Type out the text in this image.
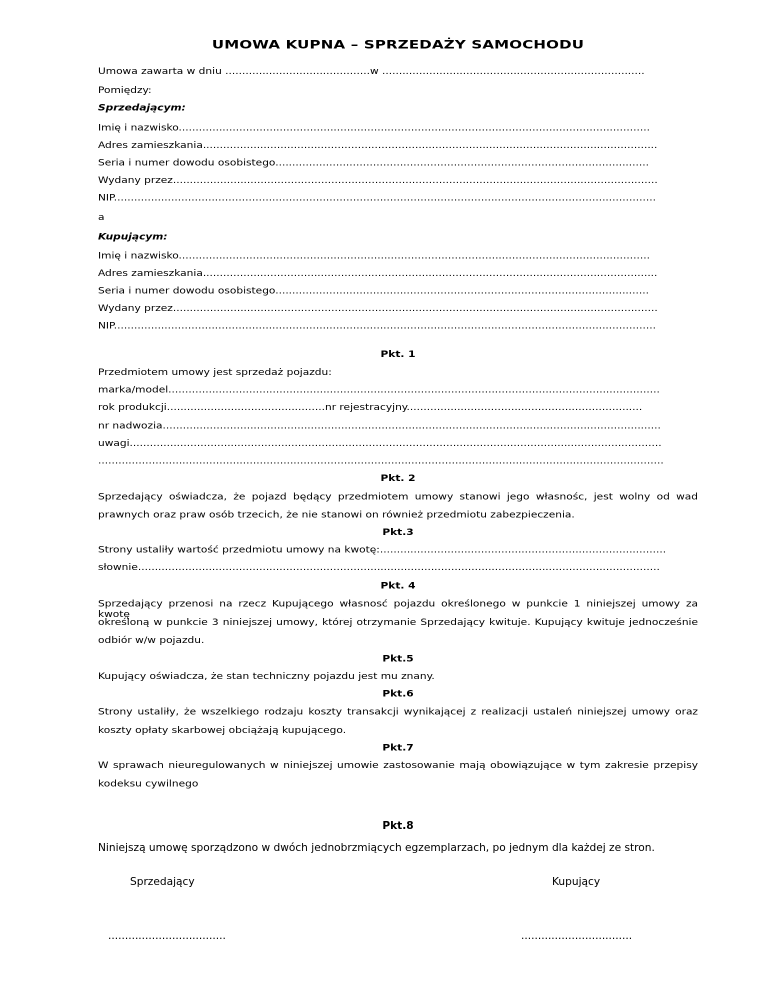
UMOWA KUPNA – SPRZEDAŻY SAMOCHODU
Umowa zawarta w dniu ...........................................w ..............................................................................
Pomiędzy:
Sprzedającym:
Imię i nazwisko............................................................................................................................................
Adres zamieszkania.......................................................................................................................................
Seria i numer dowodu osobistego...............................................................................................................
Wydany przez................................................................................................................................................
NIP.................................................................................................................................................................
a
Kupującym:
Imię i nazwisko............................................................................................................................................
Adres zamieszkania.......................................................................................................................................
Seria i numer dowodu osobistego...............................................................................................................
Wydany przez................................................................................................................................................
NIP.................................................................................................................................................................
Pkt. 1
Przedmiotem umowy jest sprzedaż pojazdu:
marka/model..................................................................................................................................................
rok produkcji...............................................nr rejestracyjny......................................................................
nr nadwozia....................................................................................................................................................
uwagi..............................................................................................................................................................
........................................................................................................................................................................
Pkt. 2
Sprzedający oświadcza, że pojazd będący przedmiotem umowy stanowi jego własnośc, jest wolny od wad
prawnych oraz praw osób trzecich, że nie stanowi on również przedmiotu zabezpieczenia.
Pkt.3
Strony ustaliły wartość przedmiotu umowy na kwotę:.....................................................................................
słownie...........................................................................................................................................................
Pkt. 4
Sprzedający przenosi na rzecz Kupującego własnosć pojazdu określonego w punkcie 1 niniejszej umowy za kwotę
określoną w punkcie 3 niniejszej umowy, której otrzymanie Sprzedający kwituje. Kupujący kwituje jednocześnie
odbiór w/w pojazdu.
Pkt.5
Kupujący oświadcza, że stan techniczny pojazdu jest mu znany.
Pkt.6
Strony ustaliły, że wszelkiego rodzaju koszty transakcji wynikającej z realizacji ustaleń niniejszej umowy oraz
koszty opłaty skarbowej obciążają kupującego.
Pkt.7
W sprawach nieuregulowanych w niniejszej umowie zastosowanie mają obowiązujące w tym zakresie przepisy
kodeksu cywilnego
Pkt.8
Niniejszą umowę sporządzono w dwóch jednobrzmiących egzemplarzach, po jednym dla każdej ze stron.
Sprzedający	Kupujący
...................................	.................................
